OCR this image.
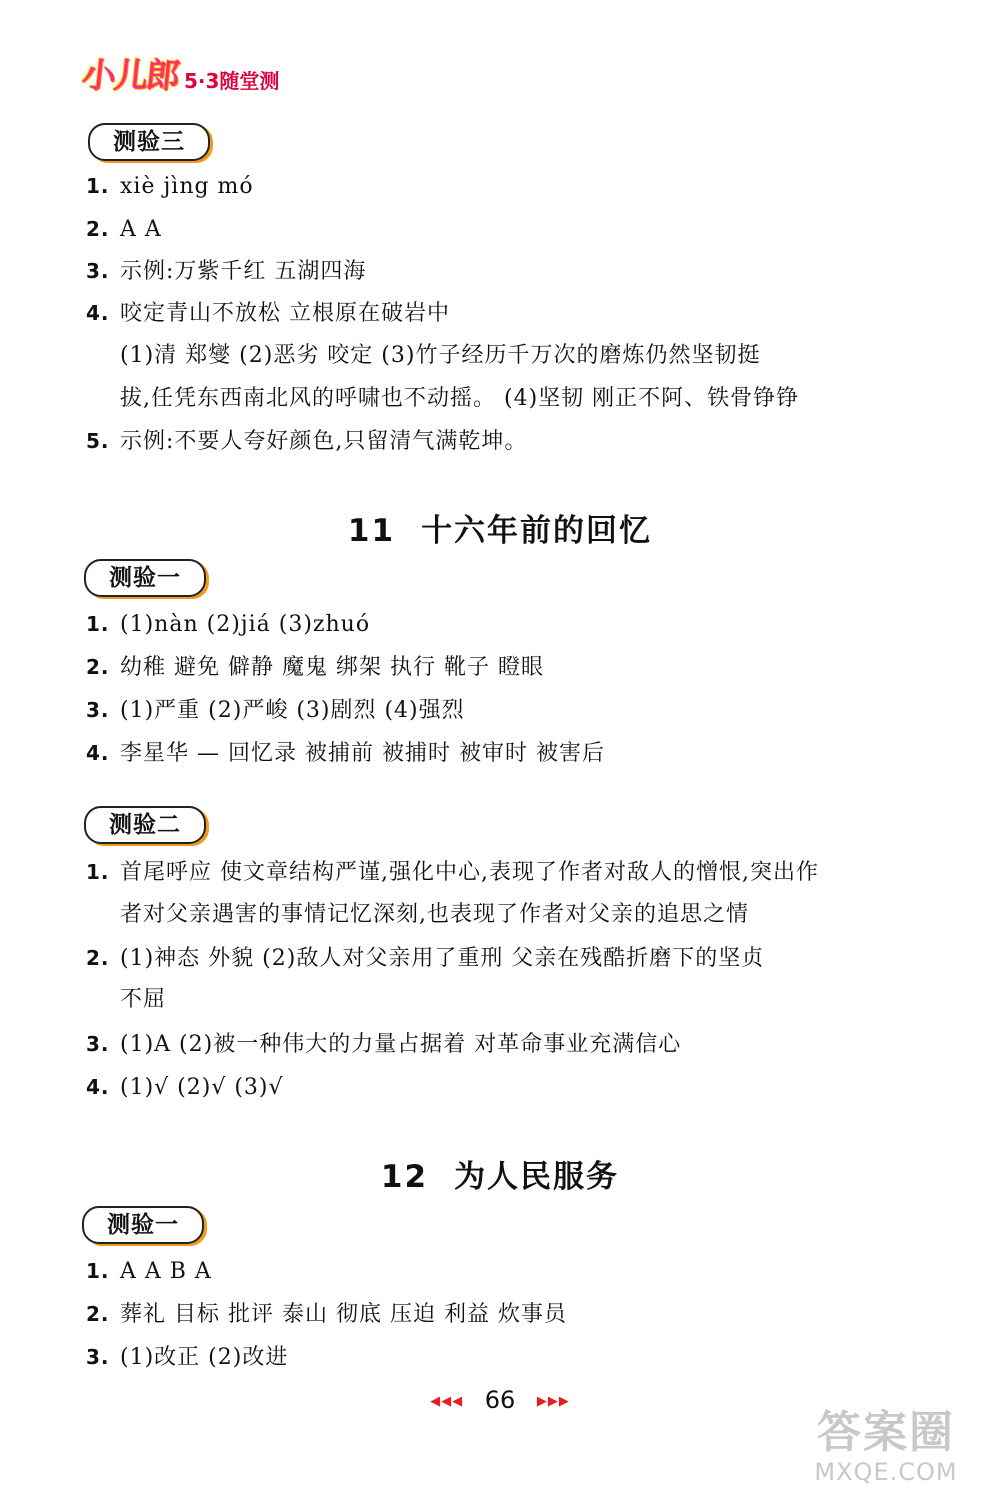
小儿郎 5·3随堂测
测验三
1. xiè jìng mó
2. A A
3. 示例:万紫千红 五湖四海
4. 咬定青山不放松 立根原在破岩中
(1)清 郑燮 (2)恶劣 咬定 (3)竹子经历千万次的磨炼仍然坚韧挺
拔,任凭东西南北风的呼啸也不动摇。 (4)坚韧 刚正不阿、铁骨铮铮
5. 示例:不要人夸好颜色,只留清气满乾坤。
11 十六年前的回忆
测验一
1. (1)nàn (2)jiá (3)zhuó
2. 幼稚 避免 僻静 魔鬼 绑架 执行 靴子 瞪眼
3. (1)严重 (2)严峻 (3)剧烈 (4)强烈
4. 李星华 — 回忆录 被捕前 被捕时 被审时 被害后
测验二
1. 首尾呼应 使文章结构严谨,强化中心,表现了作者对敌人的憎恨,突出作
者对父亲遇害的事情记忆深刻,也表现了作者对父亲的追思之情
2. (1)神态 外貌 (2)敌人对父亲用了重刑 父亲在残酷折磨下的坚贞
不屈
3. (1)A (2)被一种伟大的力量占据着 对革命事业充满信心
4. (1)√ (2)√ (3)√
12 为人民服务
测验一
1. A A B A
2. 葬礼 目标 批评 泰山 彻底 压迫 利益 炊事员
3. (1)改正 (2)改进
◀◀◀ 66 ▶▶▶
答案圈
MXQE.COM
